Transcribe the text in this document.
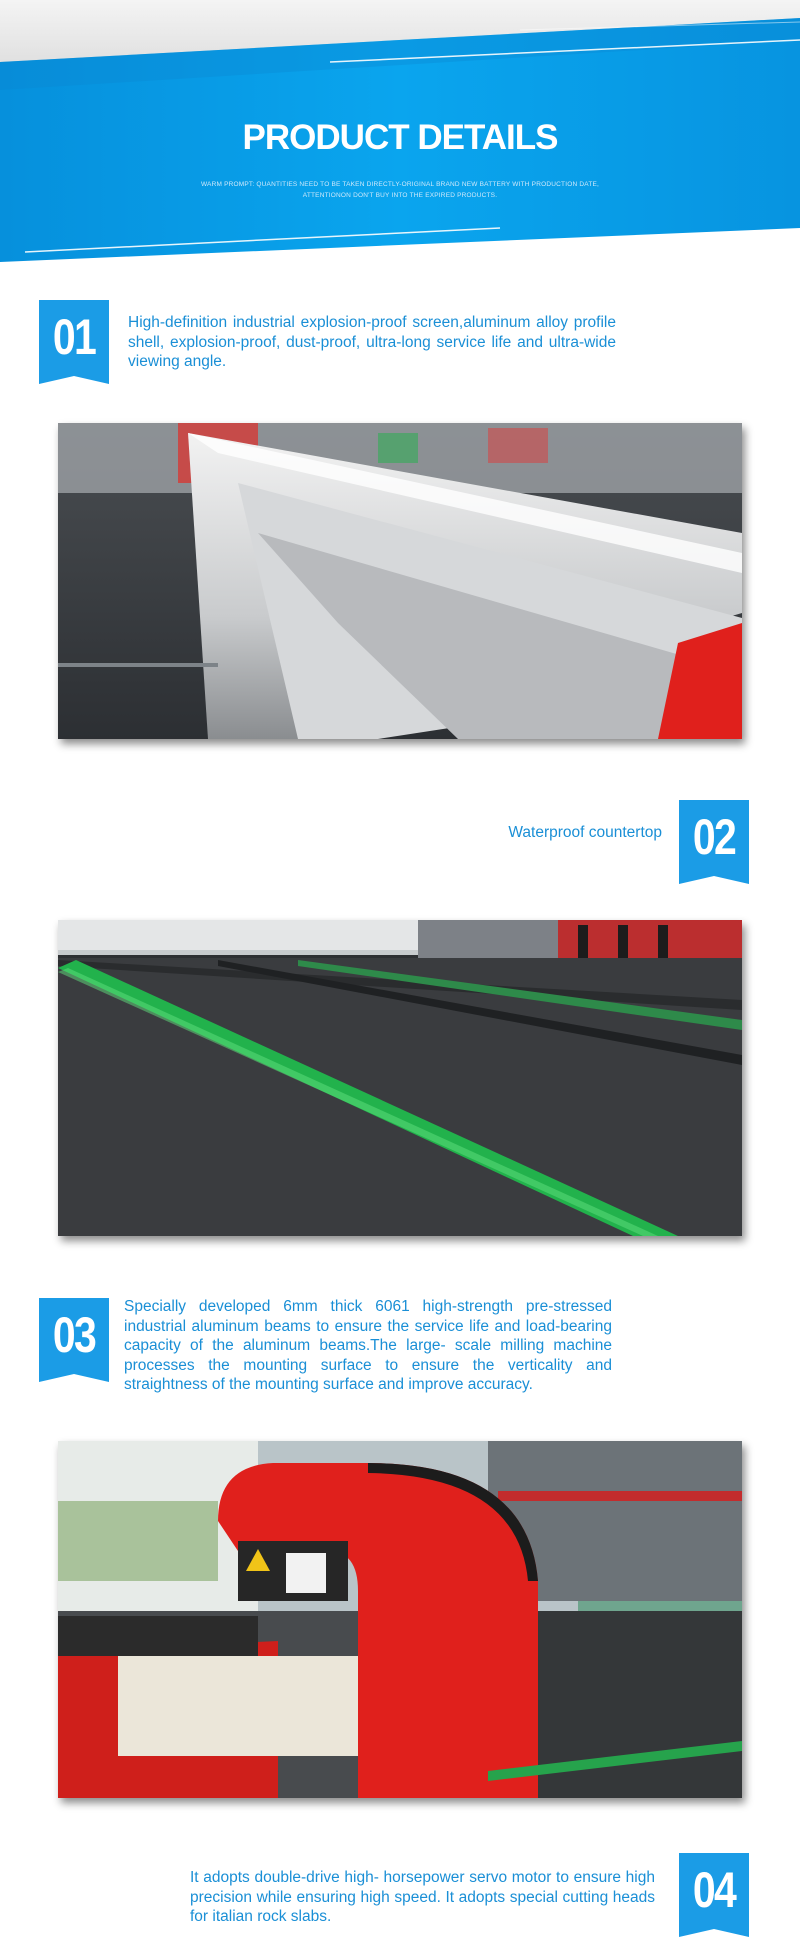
PRODUCT DETAILS
WARM PROMPT: QUANTITIES NEED TO BE TAKEN DIRECTLY-ORIGINAL BRAND NEW BATTERY WITH PRODUCTION DATE, ATTENTIONON DON'T BUY INTO THE EXPIRED PRODUCTS.
01	High-definition industrial explosion-proof screen,aluminum alloy profile shell, explosion-proof, dust-proof, ultra-long service life and ultra-wide viewing angle.
Waterproof countertop 02
03
Specially developed 6mm thick 6061 high-strength pre-stressed industrial aluminum beams to ensure the service life and load-bearing capacity of the aluminum beams.The large- scale milling machine processes the mounting surface to ensure the verticality and straightness of the mounting surface and improve accuracy.
It adopts double-drive high- horsepower servo motor to ensure high precision while ensuring high speed. It adopts special cutting heads for italian rock slabs.	04
